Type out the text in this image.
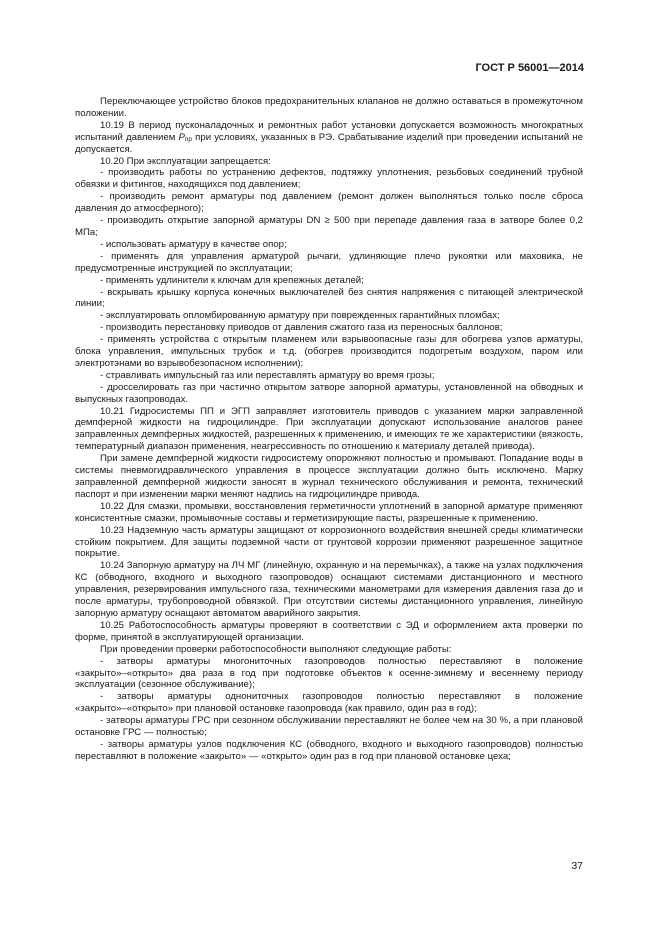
ГОСТ Р 56001—2014

Переключающее устройство блоков предохранительных клапанов не должно оставаться в промежуточном положении.

10.19 В период пусконаладочных и ремонтных работ установки допускается возможность многократных испытаний давлением $P_{пр}$ при условиях, указанных в РЭ. Срабатывание изделий при проведении испытаний не допускается.

10.20 При эксплуатации запрещается:

- производить работы по устранению дефектов, подтяжку уплотнения, резьбовых соединений трубной обвязки и фитингов, находящихся под давлением;

- производить ремонт арматуры под давлением (ремонт должен выполняться только после сброса давления до атмосферного);

- производить открытие запорной арматуры DN ≥ 500 при перепаде давления газа в затворе более 0,2 МПа;

- использовать арматуру в качестве опор;

- применять для управления арматурой рычаги, удлиняющие плечо рукоятки или маховика, не предусмотренные инструкцией по эксплуатации;

- применять удлинители к ключам для крепежных деталей;

- вскрывать крышку корпуса конечных выключателей без снятия напряжения с питающей электрической линии;

- эксплуатировать опломбированную арматуру при поврежденных гарантийных пломбах;

- производить перестановку приводов от давления сжатого газа из переносных баллонов;

- применять устройства с открытым пламенем или взрывоопасные газы для обогрева узлов арматуры, блока управления, импульсных трубок и т.д. (обогрев производится подогретым воздухом, паром или электротэнами во взрывобезопасном исполнении);

- стравливать импульсный газ или переставлять арматуру во время грозы;

- дросселировать газ при частично открытом затворе запорной арматуры, установленной на обводных и выпускных газопроводах.

10.21 Гидросистемы ПП и ЭГП заправляет изготовитель приводов с указанием марки заправленной демпферной жидкости на гидроцилиндре. При эксплуатации допускают использование аналогов ранее заправленных демпферных жидкостей, разрешенных к применению, и имеющих те же характеристики (вязкость, температурный диапазон применения, неагрессивность по отношению к материалу деталей привода).

При замене демпферной жидкости гидросистему опорожняют полностью и промывают. Попадание воды в системы пневмогидравлического управления в процессе эксплуатации должно быть исключено. Марку заправленной демпферной жидкости заносят в журнал технического обслуживания и ремонта, технический паспорт и при изменении марки меняют надпись на гидроцилиндре привода.

10.22 Для смазки, промывки, восстановления герметичности уплотнений в запорной арматуре применяют консистентные смазки, промывочные составы и герметизирующие пасты, разрешенные к применению.

10.23 Надземную часть арматуры защищают от коррозионного воздействия внешней среды климатически стойким покрытием. Для защиты подземной части от грунтовой коррозии применяют разрешенное защитное покрытие.

10.24 Запорную арматуру на ЛЧ МГ (линейную, охранную и на перемычках), а также на узлах подключения КС (обводного, входного и выходного газопроводов) оснащают системами дистанционного и местного управления, резервирования импульсного газа, техническими манометрами для измерения давления газа до и после арматуры, трубопроводной обвязкой. При отсутствии системы дистанционного управления, линейную запорную арматуру оснащают автоматом аварийного закрытия.

10.25 Работоспособность арматуры проверяют в соответствии с ЭД и оформлением акта проверки по форме, принятой в эксплуатирующей организации.

При проведении проверки работоспособности выполняют следующие работы:

- затворы арматуры многониточных газопроводов полностью переставляют в положение «закрыто»–«открыто» два раза в год при подготовке объектов к осенне-зимнему и весеннему периоду эксплуатации (сезонное обслуживание);

- затворы арматуры однониточных газопроводов полностью переставляют в положение «закрыто»–«открыто» при плановой остановке газопровода (как правило, один раз в год);

- затворы арматуры ГРС при сезонном обслуживании переставляют не более чем на 30 %, а при плановой остановке ГРС — полностью;

- затворы арматуры узлов подключения КС (обводного, входного и выходного газопроводов) полностью переставляют в положение «закрыто» — «открыто» один раз в год при плановой остановке цеха;

37
